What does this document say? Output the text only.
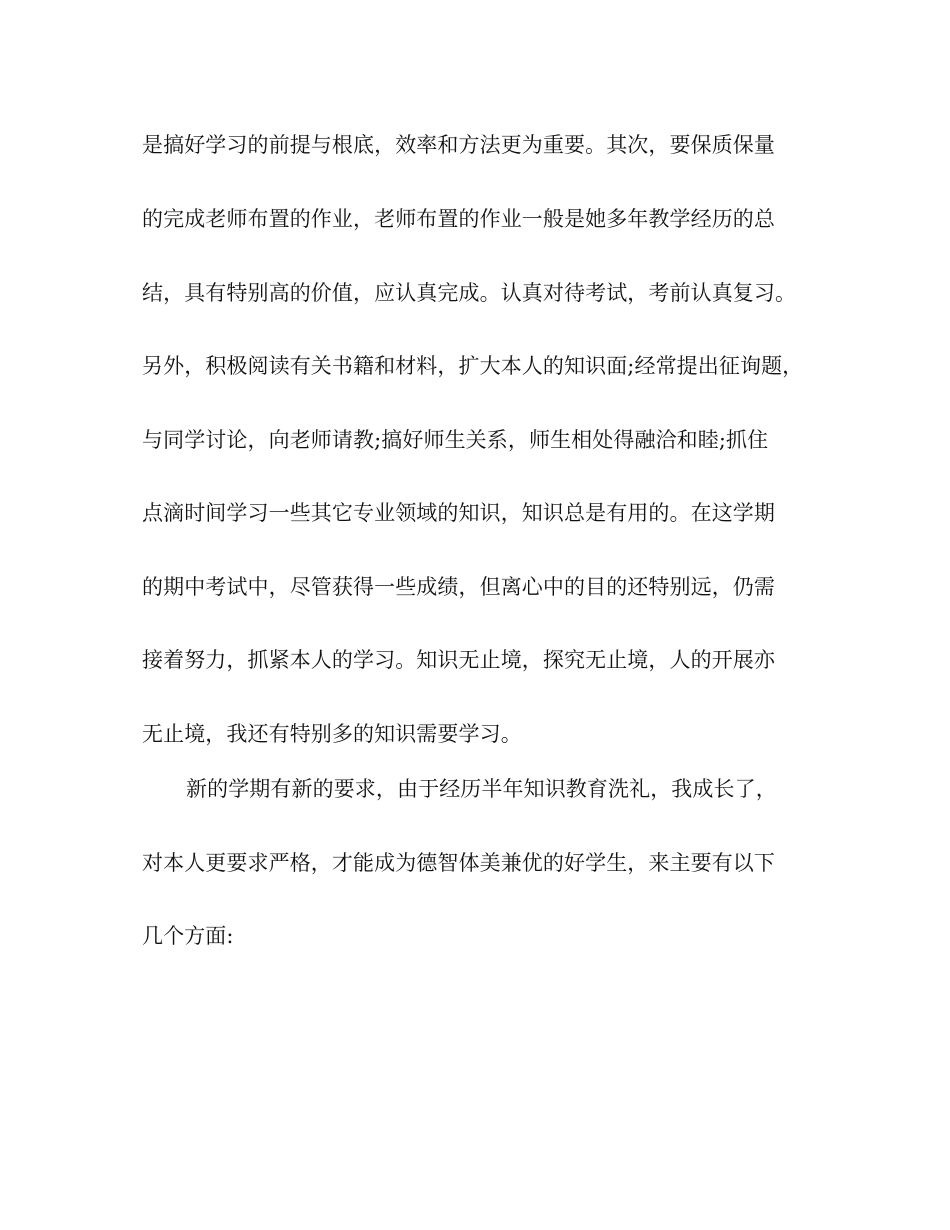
是搞好学习的前提与根底，效率和方法更为重要。其次，要保质保量
的完成老师布置的作业，老师布置的作业一般是她多年教学经历的总
结，具有特别高的价值，应认真完成。认真对待考试，考前认真复习。
另外，积极阅读有关书籍和材料，扩大本人的知识面;经常提出征询题，
与同学讨论，向老师请教;搞好师生关系，师生相处得融洽和睦;抓住
点滴时间学习一些其它专业领域的知识，知识总是有用的。在这学期
的期中考试中，尽管获得一些成绩，但离心中的目的还特别远，仍需
接着努力，抓紧本人的学习。知识无止境，探究无止境，人的开展亦
无止境，我还有特别多的知识需要学习。
新的学期有新的要求，由于经历半年知识教育洗礼，我成长了，
对本人更要求严格，才能成为德智体美兼优的好学生，来主要有以下
几个方面:
